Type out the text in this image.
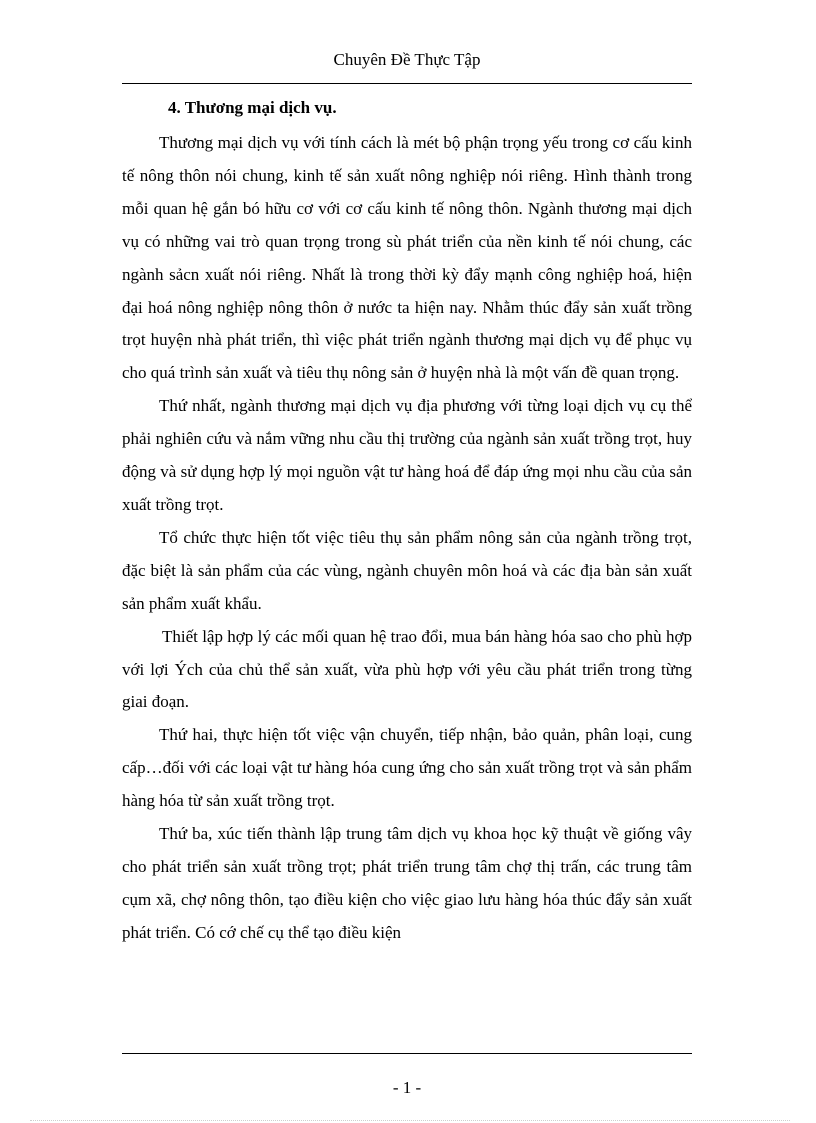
Chuyên Đề Thực Tập
4. Thương mại dịch vụ.

Thương mại dịch vụ với tính cách là mét bộ phận trọng yếu trong cơ cấu kinh tế nông thôn nói chung, kinh tế sản xuất nông nghiệp nói riêng. Hình thành trong mỗi quan hệ gắn bó hữu cơ với cơ cấu kinh tế nông thôn. Ngành thương mại dịch vụ có những vai trò quan trọng trong sù phát triển của nền kinh tế nói chung, các ngành sảcn xuất nói riêng. Nhất là trong thời kỳ đẩy mạnh công nghiệp hoá, hiện đại hoá nông nghiệp nông thôn ở nước ta hiện nay. Nhằm thúc đẩy sản xuất trồng trọt huyện nhà phát triển, thì việc phát triển ngành thương mại dịch vụ để phục vụ cho quá trình sản xuất và tiêu thụ nông sản ở huyện nhà là một vấn đề quan trọng.

Thứ nhất, ngành thương mại dịch vụ địa phương với từng loại dịch vụ cụ thể phải nghiên cứu và nắm vững nhu cầu thị trường của ngành sản xuất trồng trọt, huy động và sử dụng hợp lý mọi nguồn vật tư hàng hoá để đáp ứng mọi nhu cầu của sản xuất trồng trọt.

Tổ chức thực hiện tốt việc tiêu thụ sản phẩm nông sản của ngành trồng trọt, đặc biệt là sản phẩm của các vùng, ngành chuyên môn hoá và các địa bàn sản xuất sản phẩm xuất khẩu.

Thiết lập hợp lý các mối quan hệ trao đổi, mua bán hàng hóa sao cho phù hợp với lợi Ých của chủ thể sản xuất, vừa phù hợp với yêu cầu phát triển trong từng giai đoạn.

Thứ hai, thực hiện tốt việc vận chuyển, tiếp nhận, bảo quản, phân loại, cung cấp…đối với các loại vật tư hàng hóa cung ứng cho sản xuất trồng trọt và sản phẩm hàng hóa từ sản xuất trồng trọt.

Thứ ba, xúc tiến thành lập trung tâm dịch vụ khoa học kỹ thuật về giống vây cho phát triển sản xuất trồng trọt; phát triển trung tâm chợ thị trấn, các trung tâm cụm xã, chợ nông thôn, tạo điều kiện cho việc giao lưu hàng hóa thúc đẩy sản xuất phát triển. Có cớ chế cụ thể tạo điều kiện

- 1 -
